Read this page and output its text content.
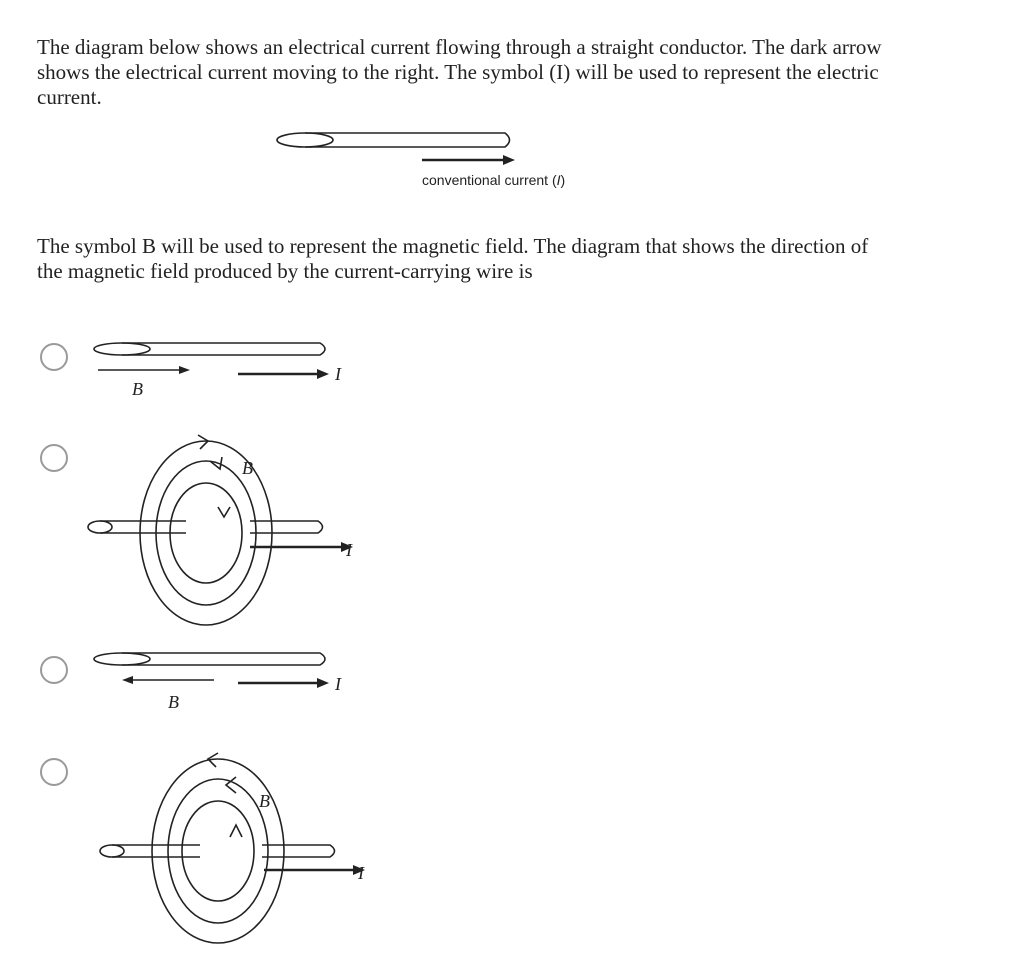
The diagram below shows an electrical current flowing through a straight conductor. The dark arrow shows the electrical current moving to the right. The symbol (I) will be used to represent the electric current.

conventional current (I)

The symbol B will be used to represent the magnetic field. The diagram that shows the direction of the magnetic field produced by the current-carrying wire is

B
I
B
I
B
I
B
I
